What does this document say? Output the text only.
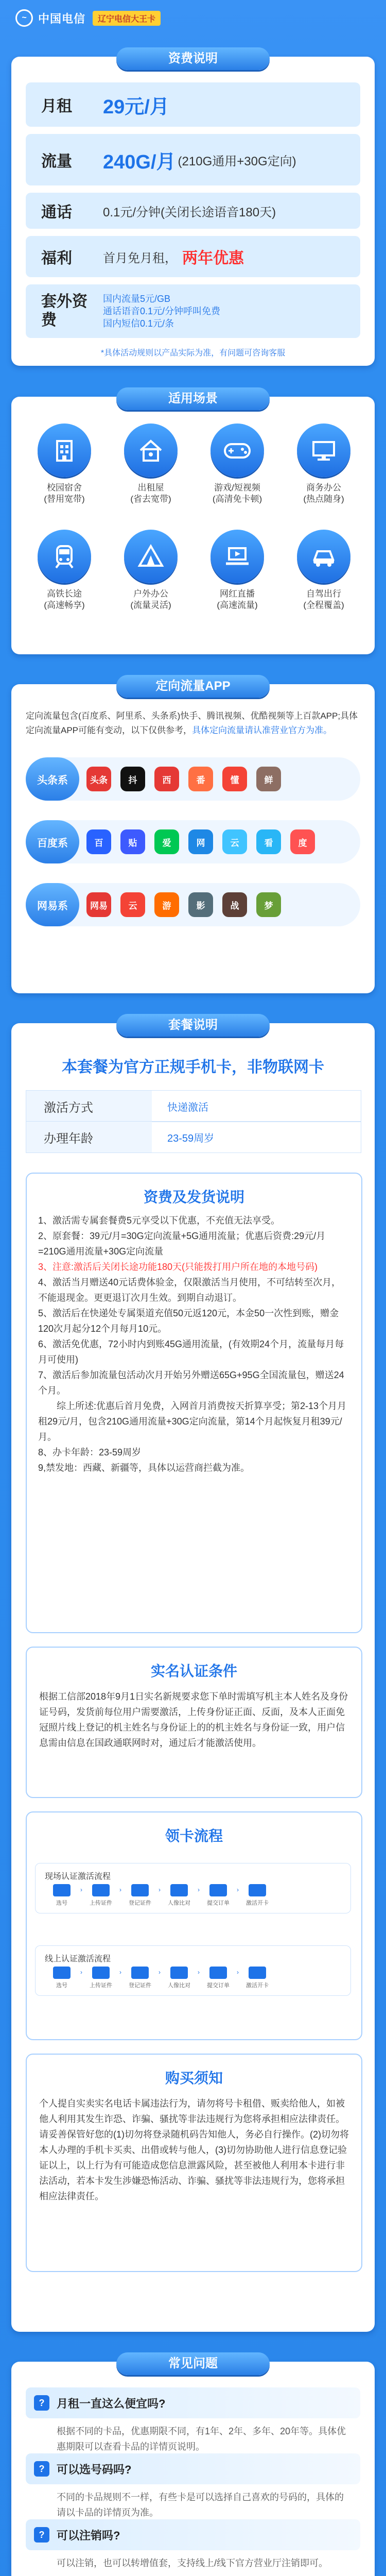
~	中国电信	辽宁电信大王卡
资费说明
月租	29元/月
流量	240G/月 (210G通用+30G定向)
通话	0.1元/分钟(关闭长途语音180天)
福利	首月免月租， 两年优惠
套外资费
国内流量5元/GB
通话语音0.1元/分钟呼叫免费
国内短信0.1元/条
*具体活动规则以产品实际为准，有问题可咨询客服
适用场景
校园宿舍
(替用宽带)
出租屋
(省去宽带)
游戏/短视频
(高清免卡顿)
商务办公
(热点随身)
高铁长途
(高速畅享)
户外办公
(流量灵活)
网红直播
(高速流量)
自驾出行
(全程覆盖)
定向流量APP
定向流量包含(百度系、阿里系、头条系)快手、腾讯视频、优酷视频等上百款APP;具体定向流量APP可能有变动，以下仅供参考，具体定向流量请认准营业官方为准。
头条系	头条	抖	西	番	懂	鲜
百度系	百	贴	爱	网	云	看	度
网易系	网易	云	游	影	战	梦
套餐说明
本套餐为官方正规手机卡，非物联网卡
激活方式	快递激活
办理年龄	23-59周岁
资费及发货说明

1、激活需专属套餐费5元享受以下优惠，不充值无法享受。

2、原套餐：39元/月=30G定向流量+5G通用流量；优惠后资费:29元/月=210G通用流量+30G定向流量

3、注意:激活后关闭长途功能180天(只能拨打用户所在地的本地号码)

4、激活当月赠送40元话费体验金，仅限激活当月使用，不可结转至次月，不能退现金。更更退订次月生效。到期自动退订。

5、激活后在快递处专属渠道充值50元返120元，本金50一次性到账，赠金120次月起分12个月每月10元。

6、激活免优惠，72小时内到账45G通用流量，(有效期24个月，流量每月每月可使用)

7、激活后参加流量包活动次月开始另外赠送65G+95G全国流量包，赠送24个月。

综上所述:优惠后首月免费，入网首月消费按天折算享受；第2-13个月月租29元/月，包含210G通用流量+30G定向流量，第14个月起恢复月租39元/月。

8、办卡年龄：23-59周岁

9,禁发地：西藏、新疆等，具体以运营商拦截为准。

实名认证条件
根据工信部2018年9月1日实名新规要求您下单时需填写机主本人姓名及身份证号码，发货前每位用户需要激活，上传身份证正面、反面，及本人正面免冠照片线上登记的机主姓名与身份证上的的机主姓名与身份证一致，用户信息需由信息在国政通联网时对，通过后才能激活使用。
领卡流程
现场认证激活流程
选号
›
上传证件
›
登记证件
›
人像比对
›
提交订单
›
激活开卡
线上认证激活流程
选号
›
上传证件
›
登记证件
›
人像比对
›
提交订单
›
激活开卡
购买须知
个人提自实卖实名电话卡属违法行为，请勿将号卡租借、贩卖给他人，如被他人利用其发生诈恐、诈骗、骚扰等非法违规行为您将承担相应法律责任。请妥善保管好您的(1)切勿将登录随机码告知他人，务必自行操作。(2)切勿将本人办理的手机卡买卖、出借或转与他人，(3)切勿协助他人进行信息登记验证以上，以上行为有可能造成您信息泄露风险，甚至被他人利用本卡进行非法活动，若本卡发生涉嫌恐怖活动、诈骗、骚扰等非法违规行为，您将承担相应法律责任。
常见问题
?	月租一直这么便宜吗?
根据不同的卡品，优惠期限不同，有1年、2年、多年、20年等。具体优惠期限可以查看卡品的详情页说明。
?	可以选号码吗?
不同的卡品规则不一样，有些卡是可以选择自己喜欢的号码的，具体的请以卡品的详情页为准。
?	可以注销吗?
可以注销，也可以转增值套，支持线上/线下官方营业厅注销即可。
